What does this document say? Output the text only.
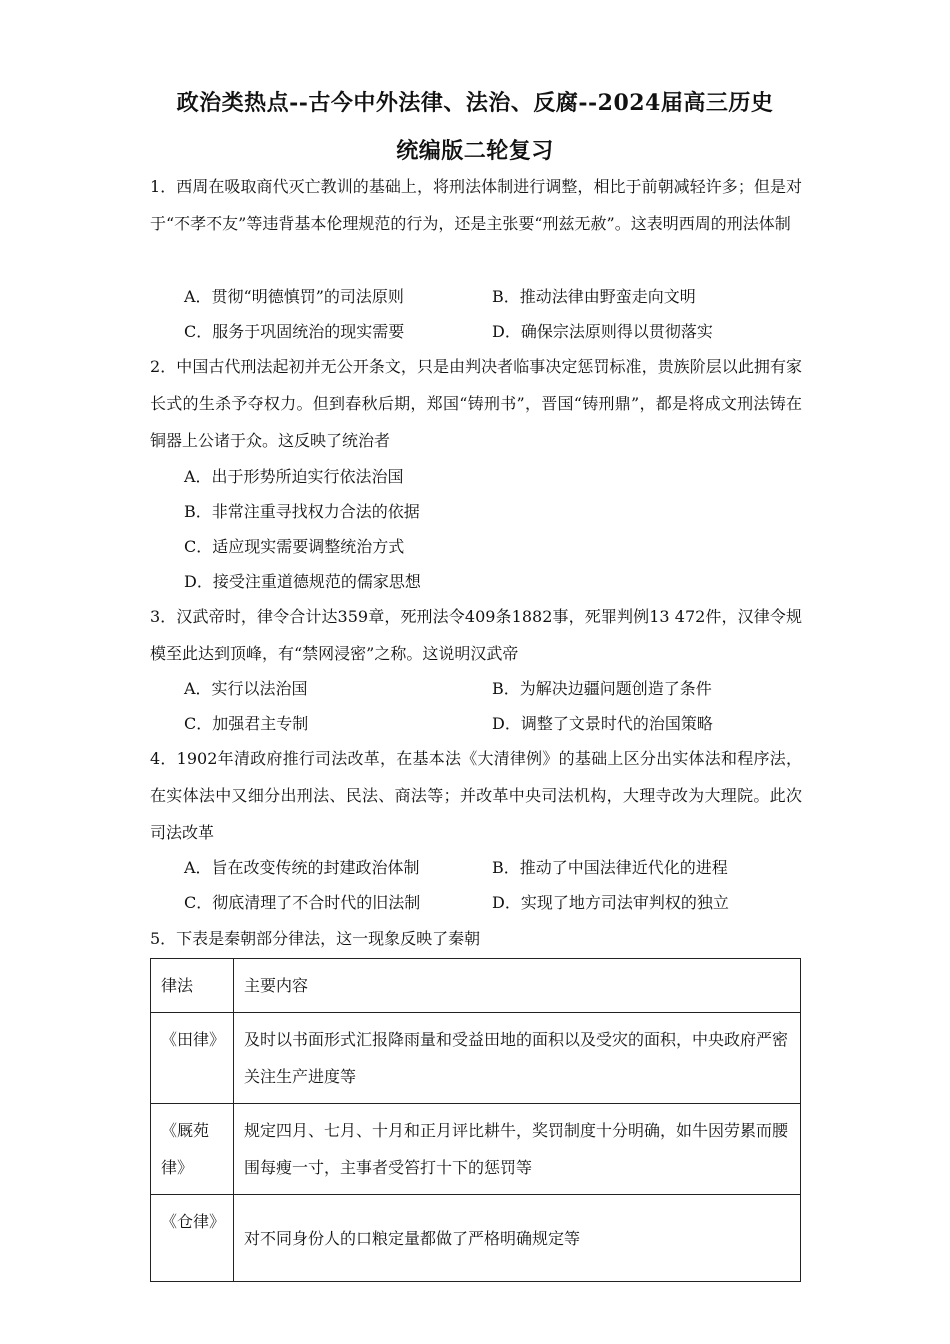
政治类热点--古今中外法律、法治、反腐--2024届高三历史
统编版二轮复习
1．西周在吸取商代灭亡教训的基础上，将刑法体制进行调整，相比于前朝减轻许多；但是对于“不孝不友”等违背基本伦理规范的行为，还是主张要“刑兹无赦”。这表明西周的刑法体制
A．贯彻“明德慎罚”的司法原则	B．推动法律由野蛮走向文明
C．服务于巩固统治的现实需要	D．确保宗法原则得以贯彻落实
2．中国古代刑法起初并无公开条文，只是由判决者临事决定惩罚标准，贵族阶层以此拥有家长式的生杀予夺权力。但到春秋后期，郑国“铸刑书”，晋国“铸刑鼎”，都是将成文刑法铸在铜器上公诸于众。这反映了统治者
A．出于形势所迫实行依法治国
B．非常注重寻找权力合法的依据
C．适应现实需要调整统治方式
D．接受注重道德规范的儒家思想
3．汉武帝时，律令合计达359章，死刑法令409条1882事，死罪判例13 472件，汉律令规模至此达到顶峰，有“禁网浸密”之称。这说明汉武帝
A．实行以法治国	B．为解决边疆问题创造了条件
C．加强君主专制	D．调整了文景时代的治国策略
4．1902年清政府推行司法改革，在基本法《大清律例》的基础上区分出实体法和程序法，在实体法中又细分出刑法、民法、商法等；并改革中央司法机构，大理寺改为大理院。此次司法改革
A．旨在改变传统的封建政治体制	B．推动了中国法律近代化的进程
C．彻底清理了不合时代的旧法制	D．实现了地方司法审判权的独立
5．下表是秦朝部分律法，这一现象反映了秦朝
律法	主要内容
《田律》	及时以书面形式汇报降雨量和受益田地的面积以及受灾的面积，中央政府严密关注生产进度等
《厩苑律》	规定四月、七月、十月和正月评比耕牛，奖罚制度十分明确，如牛因劳累而腰围每瘦一寸，主事者受笞打十下的惩罚等
《仓律》	对不同身份人的口粮定量都做了严格明确规定等
